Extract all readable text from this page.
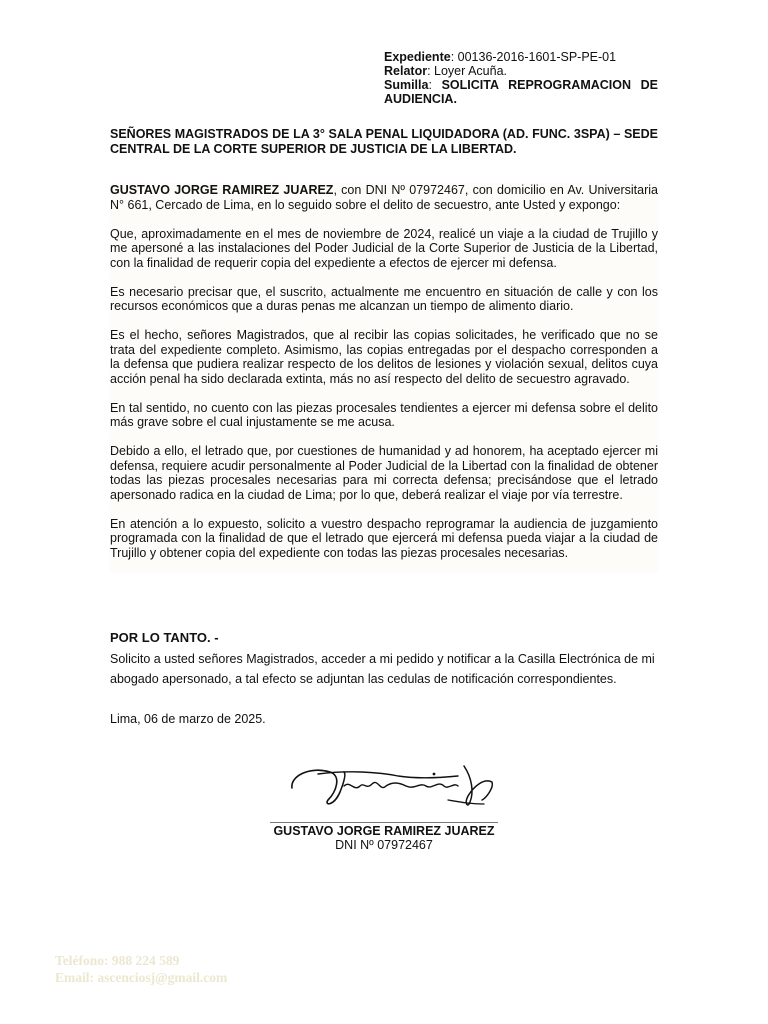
Expediente: 00136-2016-1601-SP-PE-01
Relator: Loyer Acuña.
Sumilla: SOLICITA REPROGRAMACION DE AUDIENCIA.
SEÑORES MAGISTRADOS DE LA 3° SALA PENAL LIQUIDADORA (AD. FUNC. 3SPA) – SEDE CENTRAL DE LA CORTE SUPERIOR DE JUSTICIA DE LA LIBERTAD.

GUSTAVO JORGE RAMIREZ JUAREZ, con DNI Nº 07972467, con domicilio en Av. Universitaria N° 661, Cercado de Lima, en lo seguido sobre el delito de secuestro, ante Usted y expongo:

Que, aproximadamente en el mes de noviembre de 2024, realicé un viaje a la ciudad de Trujillo y me apersoné a las instalaciones del Poder Judicial de la Corte Superior de Justicia de la Libertad, con la finalidad de requerir copia del expediente a efectos de ejercer mi defensa.

Es necesario precisar que, el suscrito, actualmente me encuentro en situación de calle y con los recursos económicos que a duras penas me alcanzan un tiempo de alimento diario.

Es el hecho, señores Magistrados, que al recibir las copias solicitades, he verificado que no se trata del expediente completo. Asimismo, las copias entregadas por el despacho corresponden a la defensa que pudiera realizar respecto de los delitos de lesiones y violación sexual, delitos cuya acción penal ha sido declarada extinta, más no así respecto del delito de secuestro agravado.

En tal sentido, no cuento con las piezas procesales tendientes a ejercer mi defensa sobre el delito más grave sobre el cual injustamente se me acusa.

Debido a ello, el letrado que, por cuestiones de humanidad y ad honorem, ha aceptado ejercer mi defensa, requiere acudir personalmente al Poder Judicial de la Libertad con la finalidad de obtener todas las piezas procesales necesarias para mi correcta defensa; precisándose que el letrado apersonado radica en la ciudad de Lima; por lo que, deberá realizar el viaje por vía terrestre.

En atención a lo expuesto, solicito a vuestro despacho reprogramar la audiencia de juzgamiento programada con la finalidad de que el letrado que ejercerá mi defensa pueda viajar a la ciudad de Trujillo y obtener copia del expediente con todas las piezas procesales necesarias.

POR LO TANTO. -
Solicito a usted señores Magistrados, acceder a mi pedido y notificar a la Casilla Electrónica de mi abogado apersonado, a tal efecto se adjuntan las cedulas de notificación correspondientes.
Lima, 06 de marzo de 2025.
GUSTAVO JORGE RAMIREZ JUAREZ
DNI Nº 07972467
Teléfono: 988 224 589
Email: ascenciosj@gmail.com
